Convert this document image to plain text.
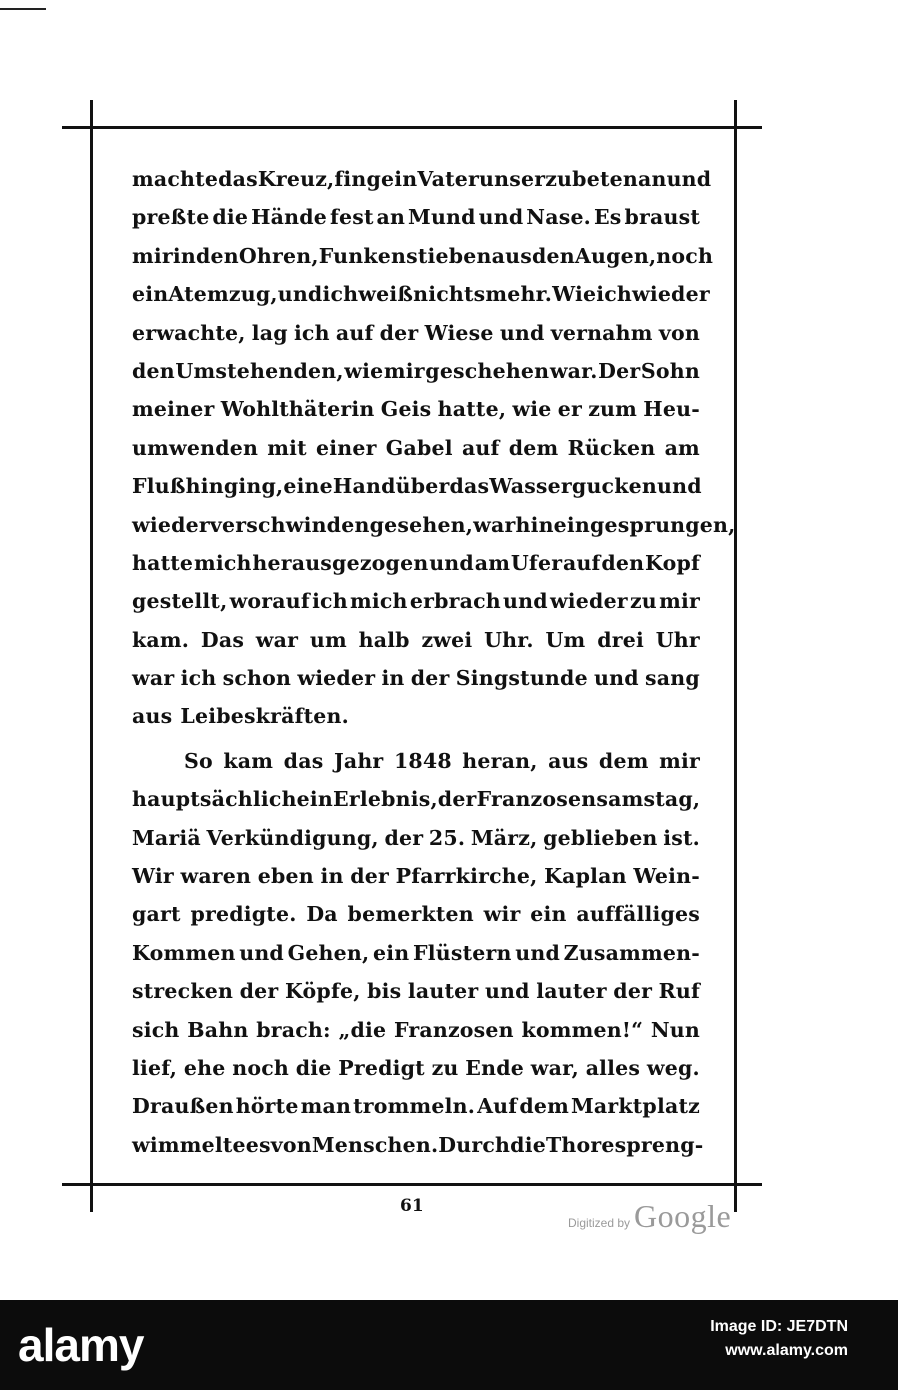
machte das Kreuz, fing ein Vaterunser zu beten an und
preßte die Hände fest an Mund und Nase. Es braust
mir in den Ohren, Funken stieben aus den Augen, noch
ein Atemzug, und ich weiß nichts mehr. Wie ich wieder
erwachte, lag ich auf der Wiese und vernahm von
den Umstehenden, wie mir geschehen war. Der Sohn
meiner Wohlthäterin Geis hatte, wie er zum Heu-
umwenden mit einer Gabel auf dem Rücken am
Fluß hinging, eine Hand über das Wasser gucken und
wieder verschwinden gesehen, war hineingesprungen,
hatte mich herausgezogen und am Ufer auf den Kopf
gestellt, worauf ich mich erbrach und wieder zu mir
kam. Das war um halb zwei Uhr. Um drei Uhr
war ich schon wieder in der Singstunde und sang
aus Leibeskräften.
So kam das Jahr 1848 heran, aus dem mir
hauptsächlich ein Erlebnis, der Franzosensamstag,
Mariä Verkündigung, der 25. März, geblieben ist.
Wir waren eben in der Pfarrkirche, Kaplan Wein-
gart predigte. Da bemerkten wir ein auffälliges
Kommen und Gehen, ein Flüstern und Zusammen-
strecken der Köpfe, bis lauter und lauter der Ruf
sich Bahn brach: „die Franzosen kommen!“ Nun
lief, ehe noch die Predigt zu Ende war, alles weg.
Draußen hörte man trommeln. Auf dem Marktplatz
wimmelte es von Menschen. Durch die Thore spreng-
61
Digitized by Google
alamy	Image ID: JE7DTN
www.alamy.com
